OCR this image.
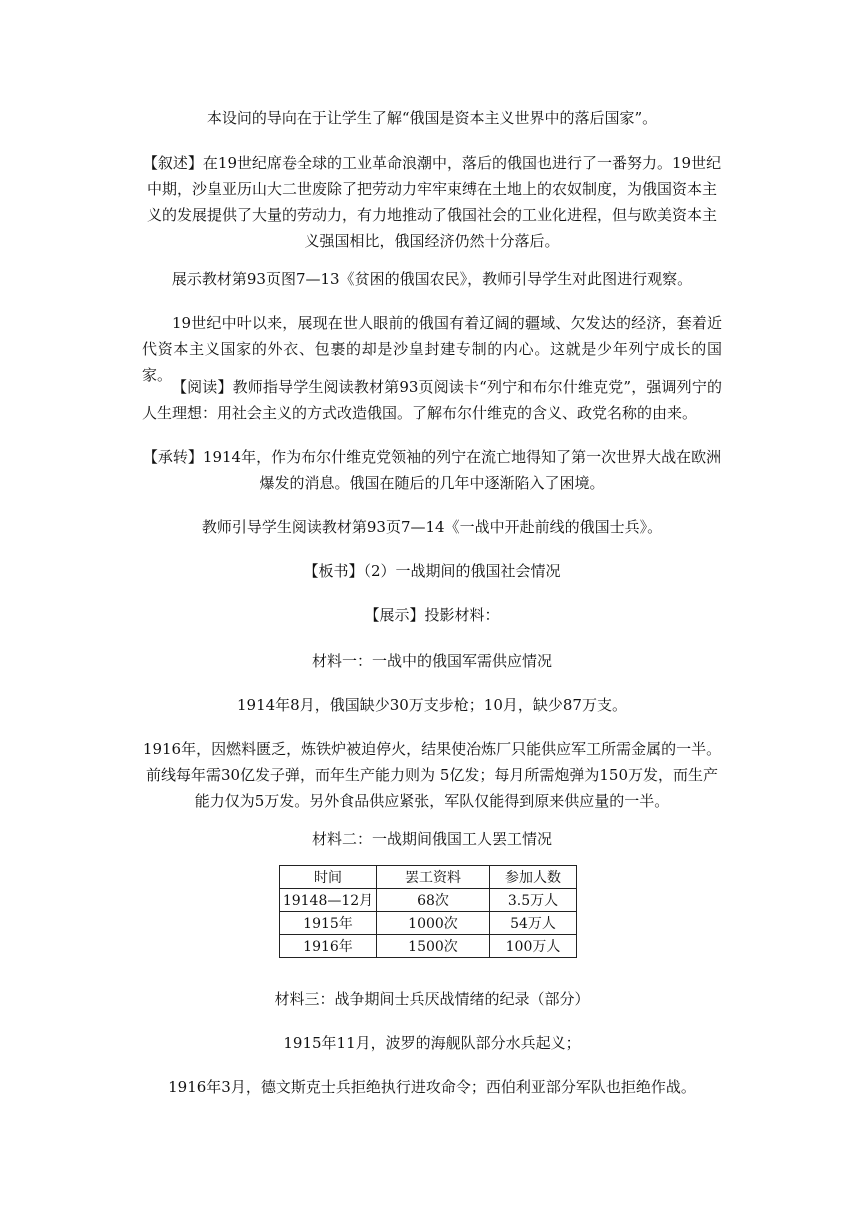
本设问的导向在于让学生了解“俄国是资本主义世界中的落后国家”。

【叙述】在19世纪席卷全球的工业革命浪潮中，落后的俄国也进行了一番努力。19世纪中期，沙皇亚历山大二世废除了把劳动力牢牢束缚在土地上的农奴制度，为俄国资本主义的发展提供了大量的劳动力，有力地推动了俄国社会的工业化进程，但与欧美资本主义强国相比，俄国经济仍然十分落后。

展示教材第93页图7—13《贫困的俄国农民》，教师引导学生对此图进行观察。

19世纪中叶以来，展现在世人眼前的俄国有着辽阔的疆域、欠发达的经济，套着近代资本主义国家的外衣、包裹的却是沙皇封建专制的内心。这就是少年列宁成长的国家。

【阅读】教师指导学生阅读教材第93页阅读卡“列宁和布尔什维克党”，强调列宁的人生理想：用社会主义的方式改造俄国。了解布尔什维克的含义、政党名称的由来。

【承转】1914年，作为布尔什维克党领袖的列宁在流亡地得知了第一次世界大战在欧洲爆发的消息。俄国在随后的几年中逐渐陷入了困境。

教师引导学生阅读教材第93页7—14《一战中开赴前线的俄国士兵》。

【板书】（2）一战期间的俄国社会情况

【展示】投影材料：

材料一：一战中的俄国军需供应情况

1914年8月，俄国缺少30万支步枪；10月，缺少87万支。

1916年，因燃料匮乏，炼铁炉被迫停火，结果使冶炼厂只能供应军工所需金属的一半。前线每年需30亿发子弹，而年生产能力则为 5亿发；每月所需炮弹为150万发，而生产能力仅为5万发。另外食品供应紧张，军队仅能得到原来供应量的一半。

材料二：一战期间俄国工人罢工情况

时间	罢工资料	参加人数
19148—12月	68次	3.5万人
1915年	1000次	54万人
1916年	1500次	100万人

材料三：战争期间士兵厌战情绪的纪录（部分）

1915年11月，波罗的海舰队部分水兵起义；

1916年3月，德文斯克士兵拒绝执行进攻命令；西伯利亚部分军队也拒绝作战。
